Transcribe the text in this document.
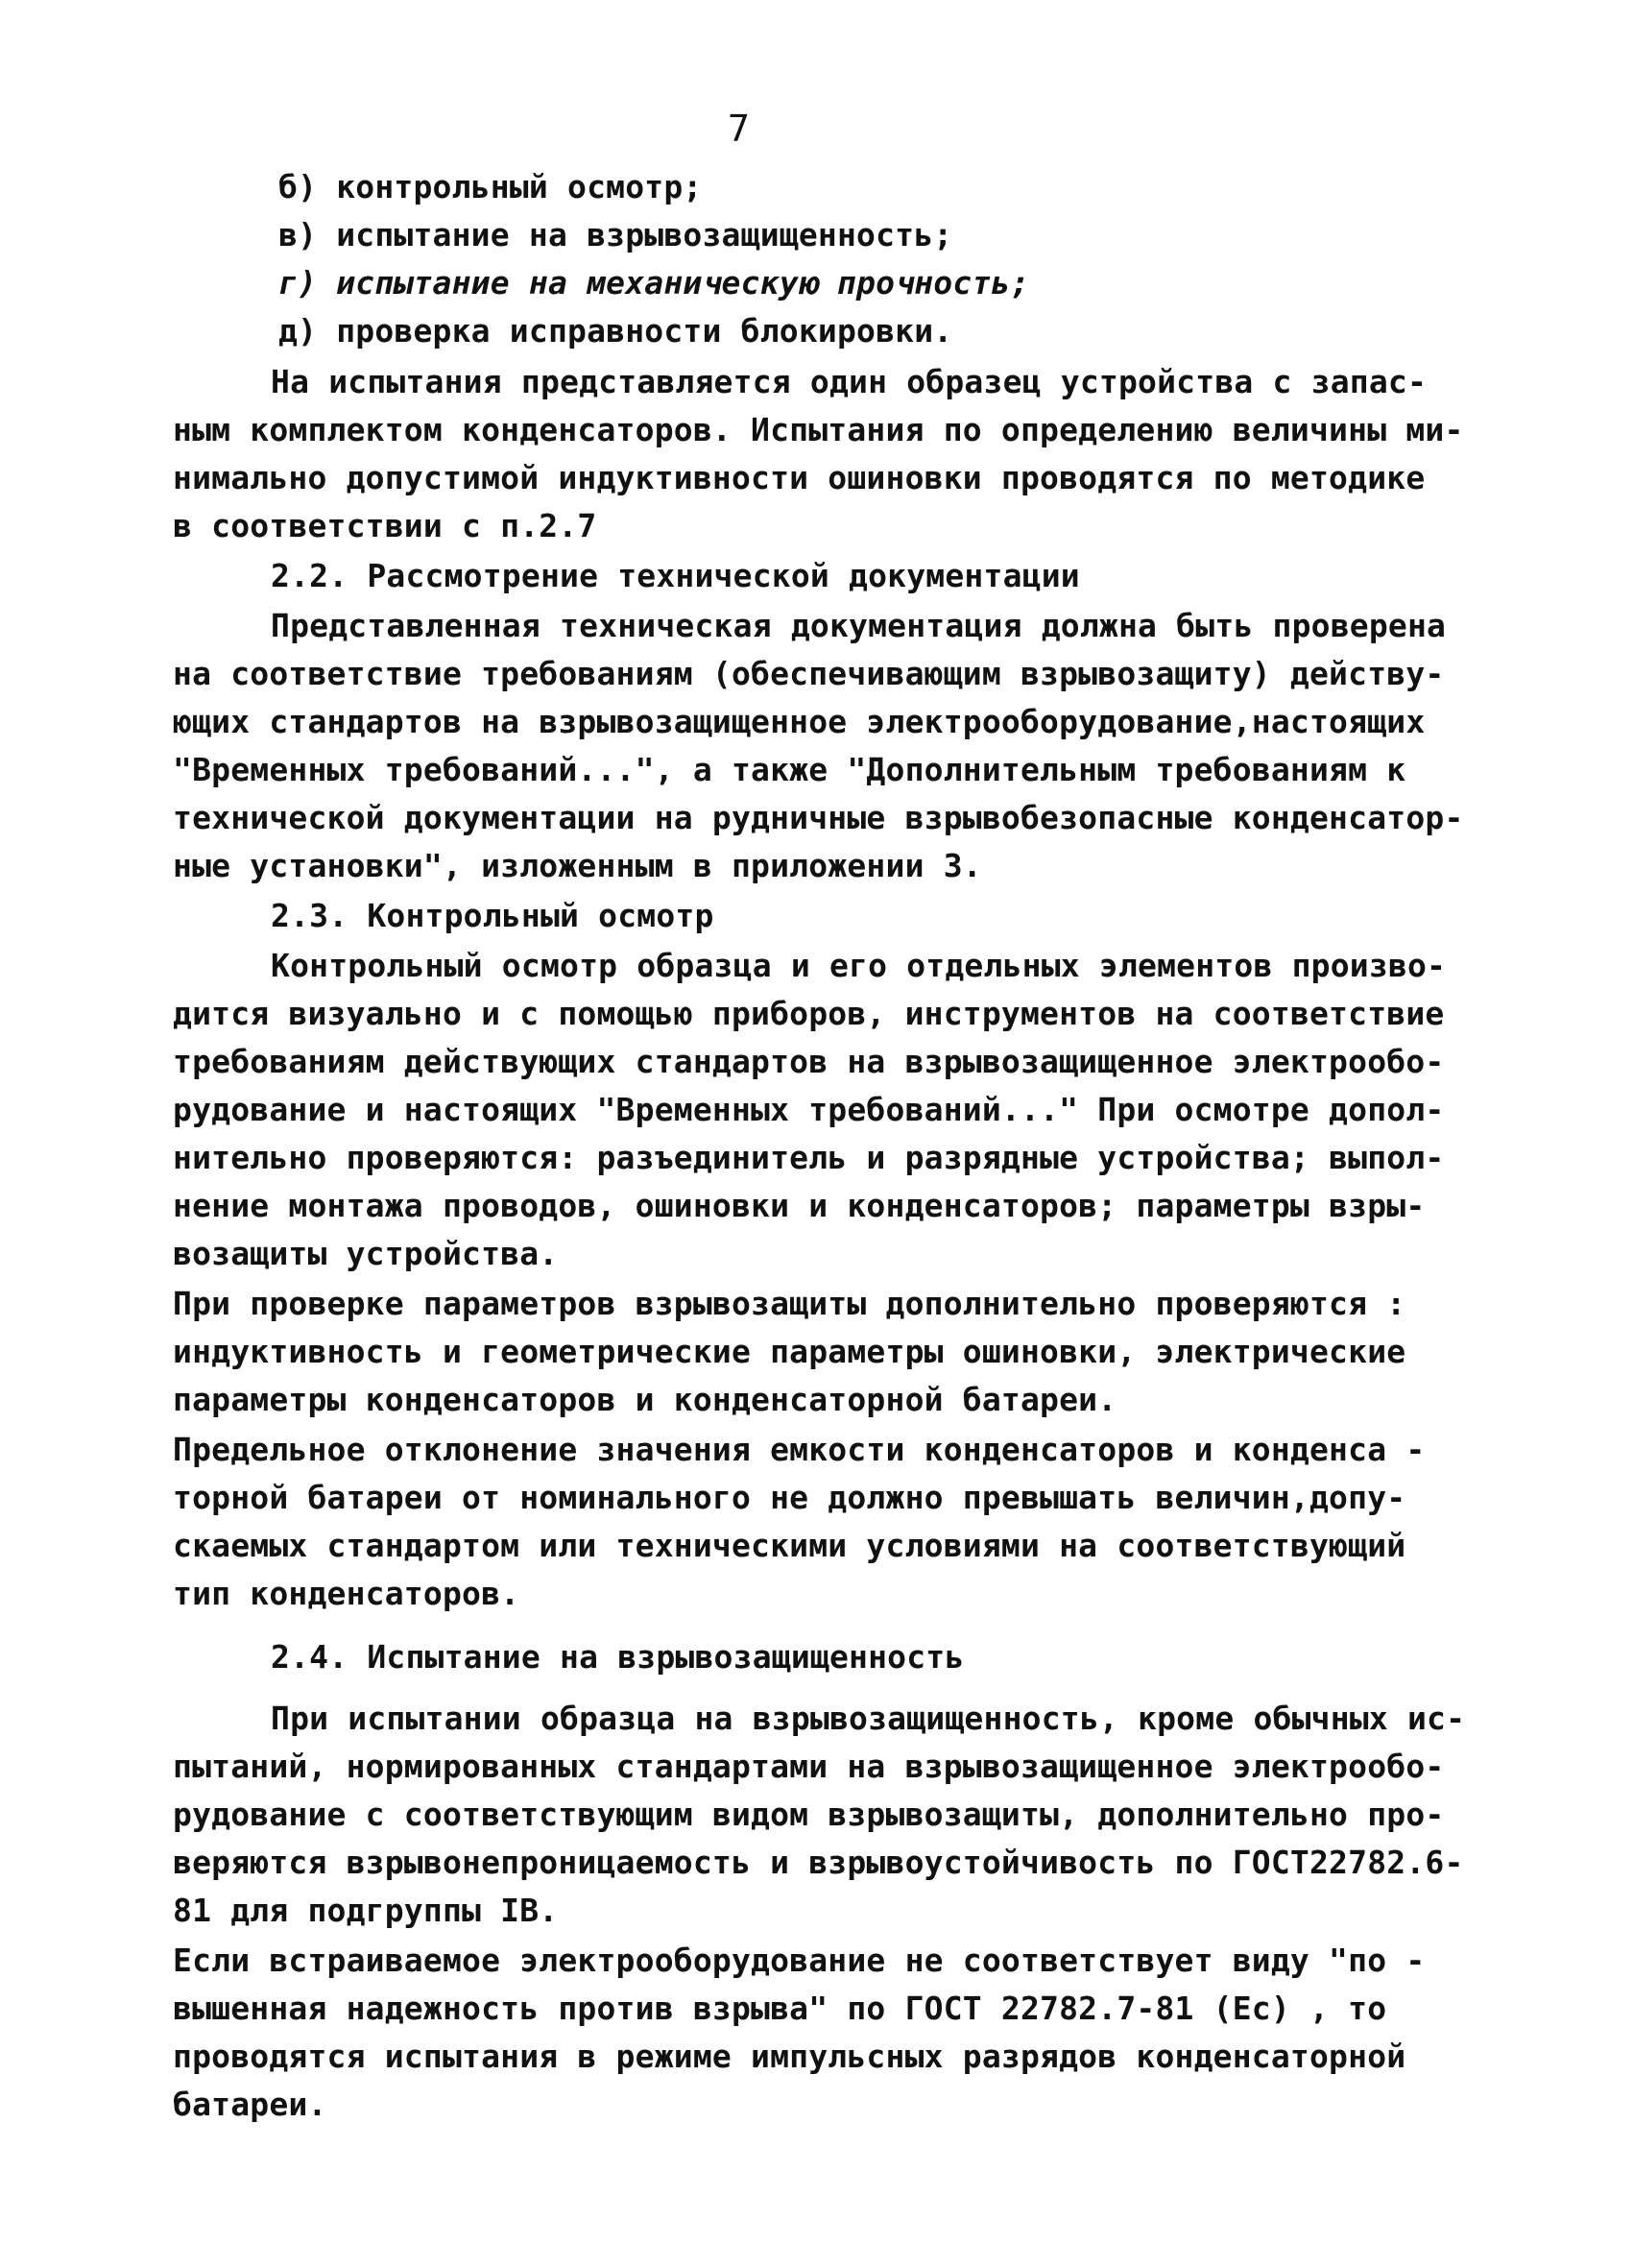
7
б) контрольный осмотр;
в) испытание на взрывозащищенность;
г) испытание на механическую прочность;
д) проверка исправности блокировки.
На испытания представляется один образец устройства с запас-
ным комплектом конденсаторов. Испытания по определению величины ми-
нимально допустимой индуктивности ошиновки проводятся по методике
в соответствии с п.2.7
2.2. Рассмотрение технической документации
Представленная техническая документация должна быть проверена
на соответствие требованиям (обеспечивающим взрывозащиту) действу-
ющих стандартов на взрывозащищенное электрооборудование,настоящих
"Временных требований...", а также "Дополнительным требованиям к
технической документации на рудничные взрывобезопасные конденсатор-
ные установки", изложенным в приложении 3.
2.3. Контрольный осмотр
Контрольный осмотр образца и его отдельных элементов произво-
дится визуально и с помощью приборов, инструментов на соответствие
требованиям действующих стандартов на взрывозащищенное электрообо-
рудование и настоящих "Временных требований..." При осмотре допол-
нительно проверяются: разъединитель и разрядные устройства; выпол-
нение монтажа проводов, ошиновки и конденсаторов; параметры взры-
возащиты устройства.
При проверке параметров взрывозащиты дополнительно проверяются :
индуктивность и геометрические параметры ошиновки, электрические
параметры конденсаторов и конденсаторной батареи.
Предельное отклонение значения емкости конденсаторов и конденса -
торной батареи от номинального не должно превышать величин,допу-
скаемых стандартом или техническими условиями на соответствующий
тип конденсаторов.
2.4. Испытание на взрывозащищенность
При испытании образца на взрывозащищенность, кроме обычных ис-
пытаний, нормированных стандартами на взрывозащищенное электрообо-
рудование с соответствующим видом взрывозащиты, дополнительно про-
веряются взрывонепроницаемость и взрывоустойчивость по ГОСТ22782.6-
81 для подгруппы IВ.
Если встраиваемое электрооборудование не соответствует виду "по -
вышенная надежность против взрыва" по ГОСТ 22782.7-81 (Ес) , то
проводятся испытания в режиме импульсных разрядов конденсаторной
батареи.
